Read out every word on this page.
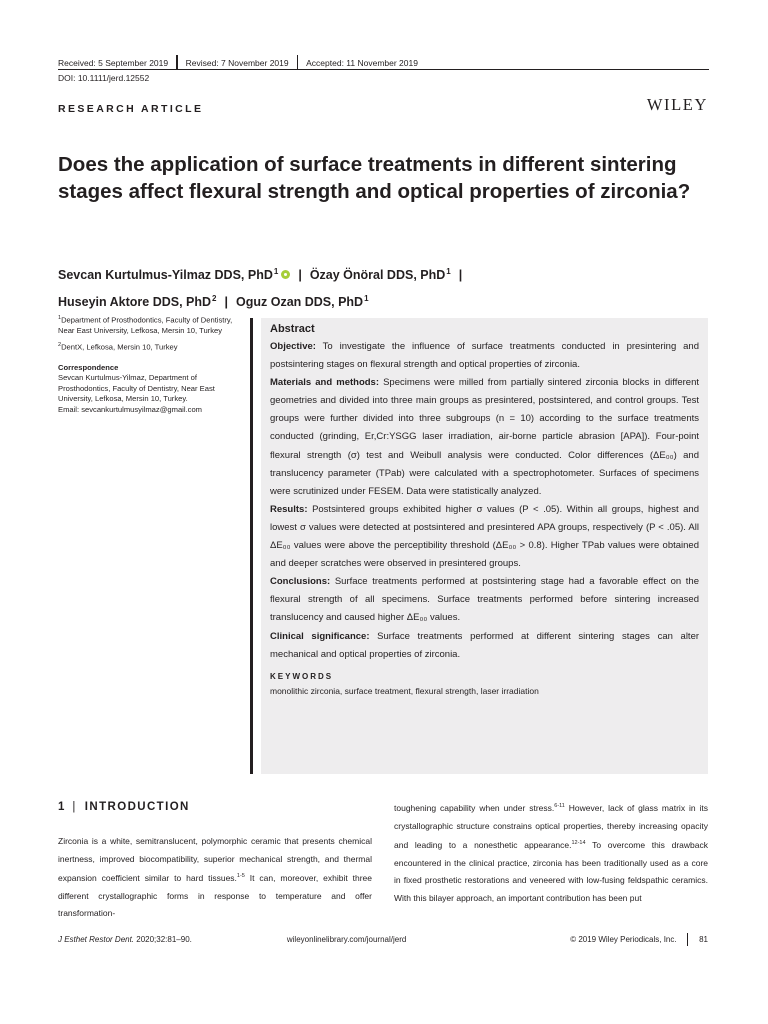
Received: 5 September 2019 Revised: 7 November 2019 Accepted: 11 November 2019
DOI: 10.1111/jerd.12552
RESEARCH ARTICLE	WILEY
Does the application of surface treatments in different sintering stages affect flexural strength and optical properties of zirconia?
Sevcan Kurtulmus-Yilmaz DDS, PhD$^1$ | Özay Önöral DDS, PhD$^1$ |
Huseyin Aktore DDS, PhD$^2$ | Oguz Ozan DDS, PhD$^1$

$^1$Department of Prosthodontics, Faculty of Dentistry, Near East University, Lefkosa, Mersin 10, Turkey

$^2$DentX, Lefkosa, Mersin 10, Turkey

Correspondence

Sevcan Kurtulmus-Yilmaz, Department of Prosthodontics, Faculty of Dentistry, Near East University, Lefkosa, Mersin 10, Turkey.
Email: sevcankurtulmusyilmaz@gmail.com

Abstract

Objective: To investigate the influence of surface treatments conducted in presintering and postsintering stages on flexural strength and optical properties of zirconia.

Materials and methods: Specimens were milled from partially sintered zirconia blocks in different geometries and divided into three main groups as presintered, postsintered, and control groups. Test groups were further divided into three subgroups (n = 10) according to the surface treatments conducted (grinding, Er,Cr:YSGG laser irradiation, air-borne particle abrasion [APA]). Four-point flexural strength (σ) test and Weibull analysis were conducted. Color differences (ΔE₀₀) and translucency parameter (TPab) were calculated with a spectrophotometer. Surfaces of specimens were scrutinized under FESEM. Data were statistically analyzed.

Results: Postsintered groups exhibited higher σ values (P < .05). Within all groups, highest and lowest σ values were detected at postsintered and presintered APA groups, respectively (P < .05). All ΔE₀₀ values were above the perceptibility threshold (ΔE₀₀ > 0.8). Higher TPab values were obtained and deeper scratches were observed in presintered groups.

Conclusions: Surface treatments performed at postsintering stage had a favorable effect on the flexural strength of all specimens. Surface treatments performed before sintering increased translucency and caused higher ΔE₀₀ values.

Clinical significance: Surface treatments performed at different sintering stages can alter mechanical and optical properties of zirconia.

KEYWORDS

monolithic zirconia, surface treatment, flexural strength, laser irradiation

1 | INTRODUCTION

Zirconia is a white, semitranslucent, polymorphic ceramic that presents chemical inertness, improved biocompatibility, superior mechanical strength, and thermal expansion coefficient similar to hard tissues.$^{1-5}$ It can, moreover, exhibit three different crystallographic forms in response to temperature and offer transformation-

toughening capability when under stress.$^{6-11}$ However, lack of glass matrix in its crystallographic structure constrains optical properties, thereby increasing opacity and leading to a nonesthetic appearance.$^{12-14}$ To overcome this drawback encountered in the clinical practice, zirconia has been traditionally used as a core in fixed prosthetic restorations and veneered with low-fusing feldspathic ceramics. With this bilayer approach, an important contribution has been put

J Esthet Restor Dent. 2020;32:81–90.	wileyonlinelibrary.com/journal/jerd	© 2019 Wiley Periodicals, Inc.	81
